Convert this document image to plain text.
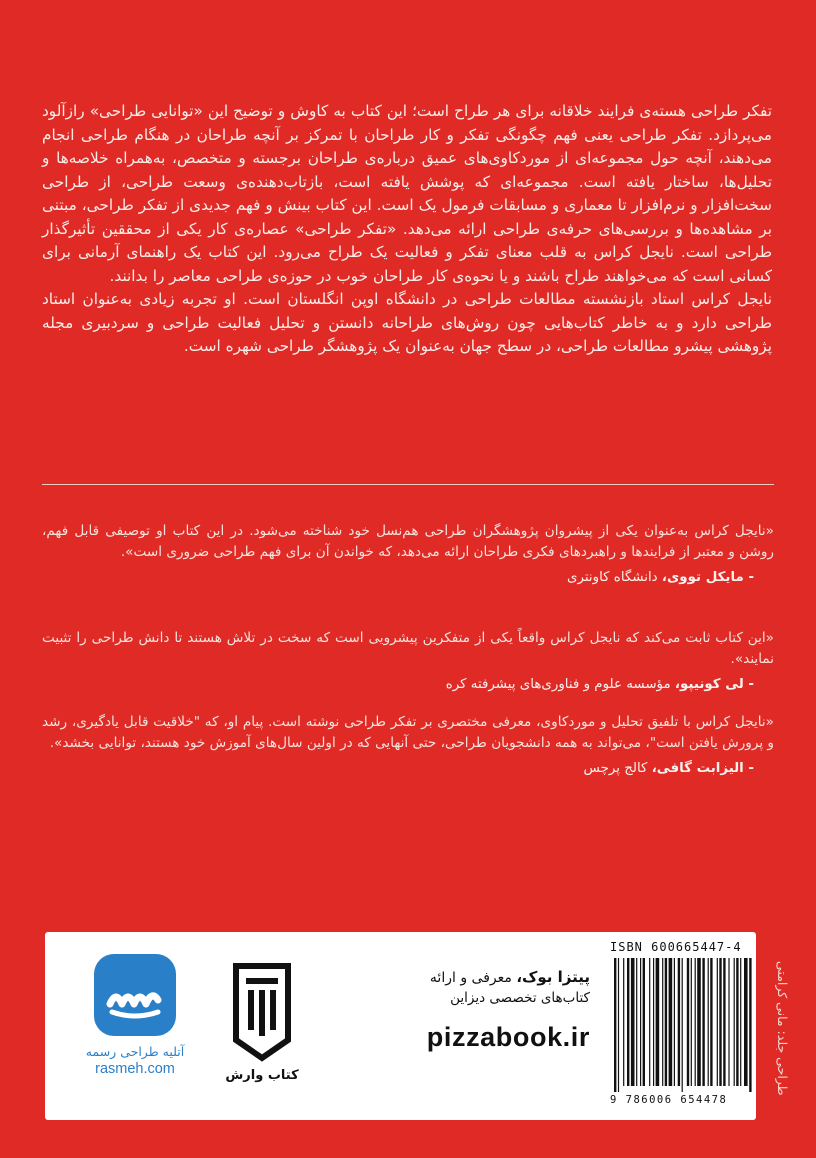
تفکر طراحی هسته‌ی فرایند خلاقانه برای هر طراح است؛ این کتاب به کاوش و توضیح این «توانایی طراحی» رازآلود می‌پردازد. تفکر طراحی یعنی فهم چگونگی تفکر و کار طراحان با تمرکز بر آنچه طراحان در هنگام طراحی انجام می‌دهند، آنچه حول مجموعه‌ای از موردکاوی‌های عمیق درباره‌ی طراحان برجسته و متخصص، به‌همراه خلاصه‌ها و تحلیل‌ها، ساختار یافته است. مجموعه‌ای که پوشش یافته است، بازتاب‌دهنده‌ی وسعت طراحی، از طراحی سخت‌افزار و نرم‌افزار تا معماری و مسابقات فرمول یک است. این کتاب بینش و فهم جدیدی از تفکر طراحی، مبتنی بر مشاهده‌ها و بررسی‌های حرفه‌ی طراحی ارائه می‌دهد. «تفکر طراحی» عصاره‌ی کار یکی از محققین تأثیرگذار طراحی است. نایجل کراس به قلب معنای تفکر و فعالیت یک طراح می‌رود. این کتاب یک راهنمای آرمانی برای کسانی است که می‌خواهند طراح باشند و یا نحوه‌ی کار طراحان خوب در حوزه‌ی طراحی معاصر را بدانند.

نایجل کراس استاد بازنشسته مطالعات طراحی در دانشگاه اوپن انگلستان است. او تجربه زیادی به‌عنوان استاد طراحی دارد و به خاطر کتاب‌هایی چون روش‌های طراحانه دانستن و تحلیل فعالیت طراحی و سردبیری مجله پژوهشی پیشرو مطالعات طراحی، در سطح جهان به‌عنوان یک پژوهشگر طراحی شهره است.

«نایجل کراس به‌عنوان یکی از پیشروان پژوهشگران طراحی هم‌نسل خود شناخته می‌شود. در این کتاب او توصیفی قابل فهم، روشن و معتبر از فرایندها و راهبردهای فکری طراحان ارائه می‌دهد، که خواندن آن برای فهم طراحی ضروری است».

- مایکل تووی، دانشگاه کاونتری

«این کتاب ثابت می‌کند که نایجل کراس واقعاً یکی از متفکرین پیشرویی است که سخت در تلاش هستند تا دانش طراحی را تثبیت نمایند».

- لی کونیپو، مؤسسه علوم و فناوری‌های پیشرفته کره

«نایجل کراس با تلفیق تحلیل و موردکاوی، معرفی مختصری بر تفکر طراحی نوشته است. پیام او، که "خلاقیت قابل یادگیری، رشد و پرورش یافتن است"، می‌تواند به همه دانشجویان طراحی، حتی آنهایی که در اولین سال‌های آموزش خود هستند، توانایی بخشد».

- الیزابت گافی، کالج پرچس

طراحی جلد: مانی کرامتی
ISBN 600665447-4
9 786006 654478
پیتزا بوک، معرفی و ارائه
کتاب‌های تخصصی دیزاین
pizzabook.ir
کتاب وارش
آتلیه طراحی رسمه
rasmeh.com
